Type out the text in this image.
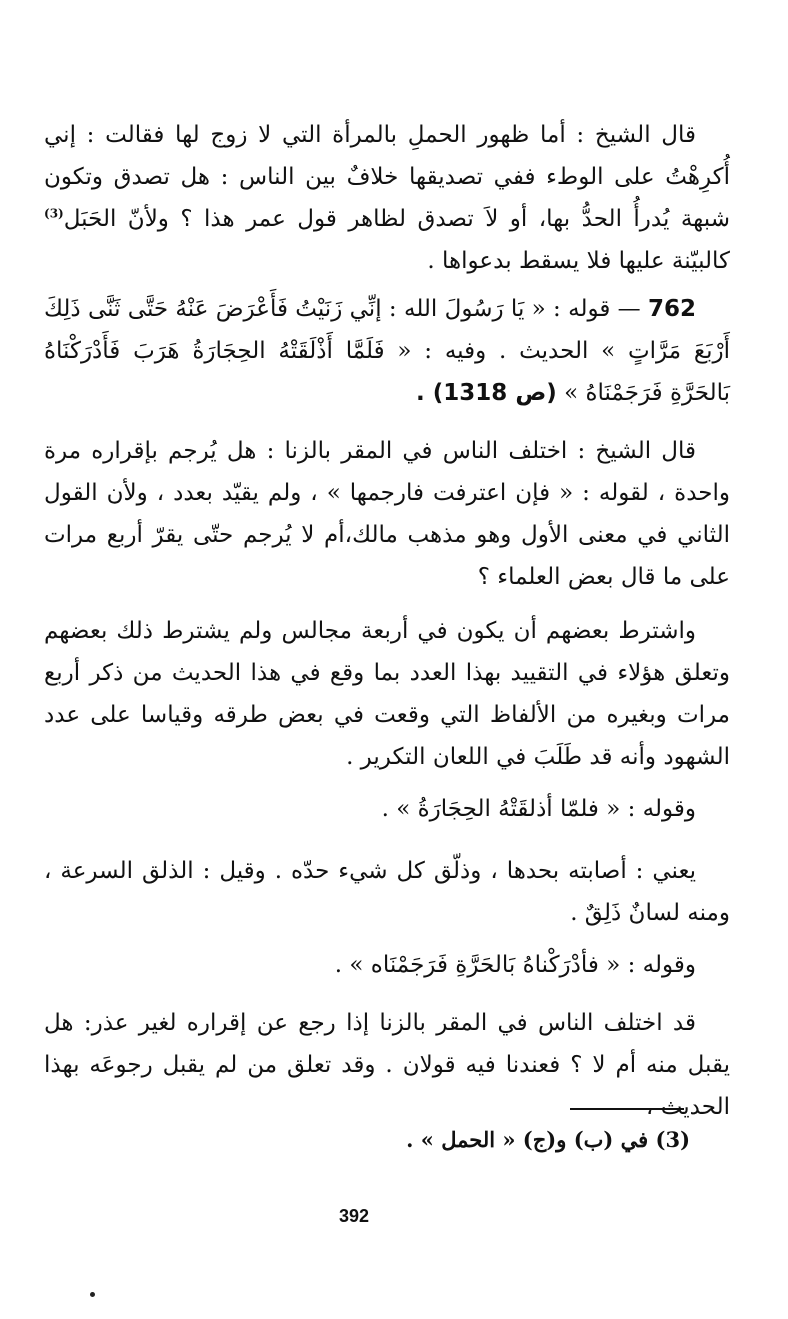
قال الشيخ : أما ظهور الحملِ بالمرأة التي لا زوج لها فقالت : إني أُكرِهْتُ على الوطء ففي تصديقها خلافٌ بين الناس : هل تصدق وتكون شبهة يُدرأُ الحدُّ بها، أو لاَ تصدق لظاهر قول عمر هذا ؟ ولأنّ الحَبَل$^{(3)}$ كالبيّنة عليها فلا يسقط بدعواها .

762 — قوله : « يَا رَسُولَ الله : إنِّي زَنَيْتُ فَأَعْرَضَ عَنْهُ حَتَّى ثَنَّى ذَلِكَ أَرْبَعَ مَرَّاتٍ » الحديث . وفيه : « فَلَمَّا أَذْلَقَتْهُ الحِجَارَةُ هَرَبَ فَأَدْرَكْنَاهُ بَالحَرَّةِ فَرَجَمْنَاهُ » (ص 1318) .

قال الشيخ : اختلف الناس في المقر بالزنا : هل يُرجم بإقراره مرة واحدة ، لقوله : « فإن اعترفت فارجمها » ، ولم يقيّد بعدد ، ولأن القول الثاني في معنى الأول وهو مذهب مالك،أم لا يُرجم حتّى يقرّ أربع مرات على ما قال بعض العلماء ؟

واشترط بعضهم أن يكون في أربعة مجالس ولم يشترط ذلك بعضهم وتعلق هؤلاء في التقييد بهذا العدد بما وقع في هذا الحديث من ذكر أربع مرات وبغيره من الألفاظ التي وقعت في بعض طرقه وقياسا على عدد الشهود وأنه قد طَلَبَ في اللعان التكرير .

وقوله : « فلمّا أذلقَتْهُ الحِجَارَةُ » .

يعني : أصابته بحدها ، وذلّق كل شيء حدّه . وقيل : الذلق السرعة ، ومنه لسانٌ ذَلِقٌ .

وقوله : « فأدْرَكْناهُ بَالحَرَّةِ فَرَجَمْنَاه » .

قد اختلف الناس في المقر بالزنا إذا رجع عن إقراره لغير عذر: هل يقبل منه أم لا ؟ فعندنا فيه قولان . وقد تعلق من لم يقبل رجوعَه بهذا الحديث ،

(3) في (ب) و(ج) « الحمل » .

392
